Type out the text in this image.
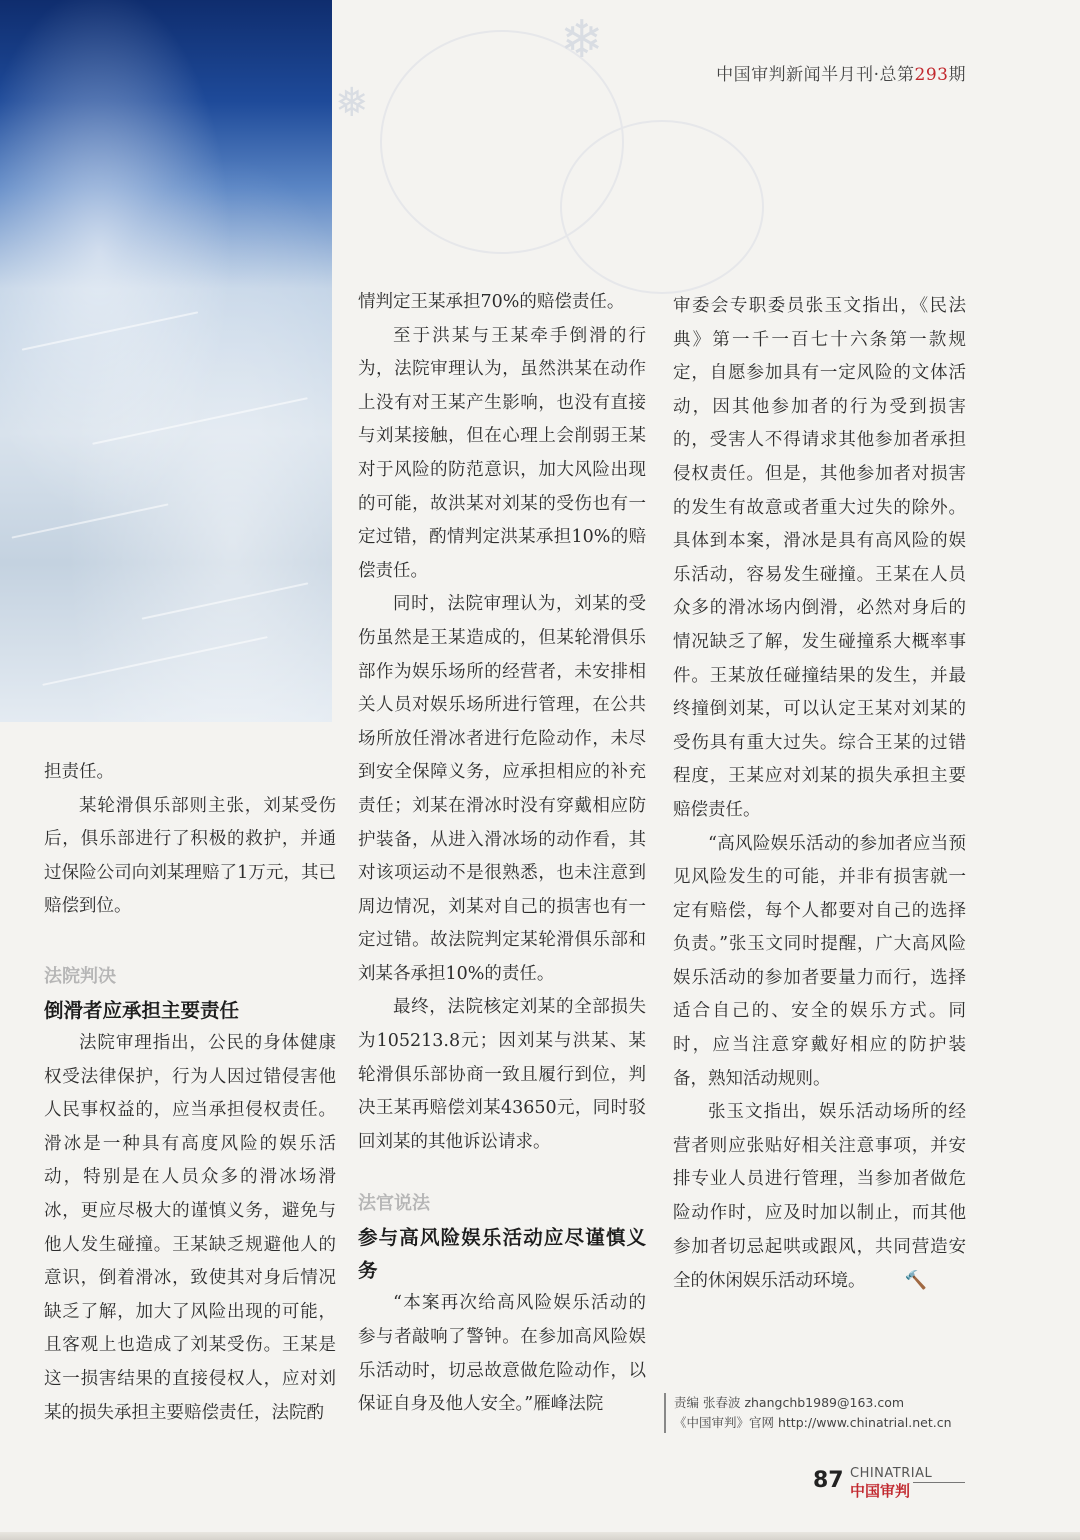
❄
❅
中国审判新闻半月刊·总第293期

担责任。

某轮滑俱乐部则主张，刘某受伤后，俱乐部进行了积极的救护，并通过保险公司向刘某理赔了1万元，其已赔偿到位。

法院判决

倒滑者应承担主要责任

法院审理指出，公民的身体健康权受法律保护，行为人因过错侵害他人民事权益的，应当承担侵权责任。滑冰是一种具有高度风险的娱乐活动，特别是在人员众多的滑冰场滑冰，更应尽极大的谨慎义务，避免与他人发生碰撞。王某缺乏规避他人的意识，倒着滑冰，致使其对身后情况缺乏了解，加大了风险出现的可能，且客观上也造成了刘某受伤。王某是这一损害结果的直接侵权人，应对刘某的损失承担主要赔偿责任，法院酌

情判定王某承担70%的赔偿责任。

至于洪某与王某牵手倒滑的行为，法院审理认为，虽然洪某在动作上没有对王某产生影响，也没有直接与刘某接触，但在心理上会削弱王某对于风险的防范意识，加大风险出现的可能，故洪某对刘某的受伤也有一定过错，酌情判定洪某承担10%的赔偿责任。

同时，法院审理认为，刘某的受伤虽然是王某造成的，但某轮滑俱乐部作为娱乐场所的经营者，未安排相关人员对娱乐场所进行管理，在公共场所放任滑冰者进行危险动作，未尽到安全保障义务，应承担相应的补充责任；刘某在滑冰时没有穿戴相应防护装备，从进入滑冰场的动作看，其对该项运动不是很熟悉，也未注意到周边情况，刘某对自己的损害也有一定过错。故法院判定某轮滑俱乐部和刘某各承担10%的责任。

最终，法院核定刘某的全部损失为105213.8元；因刘某与洪某、某轮滑俱乐部协商一致且履行到位，判决王某再赔偿刘某43650元，同时驳回刘某的其他诉讼请求。

法官说法

参与高风险娱乐活动应尽谨慎义务

“本案再次给高风险娱乐活动的参与者敲响了警钟。在参加高风险娱乐活动时，切忌故意做危险动作，以保证自身及他人安全。”雁峰法院

审委会专职委员张玉文指出，《民法典》第一千一百七十六条第一款规定，自愿参加具有一定风险的文体活动，因其他参加者的行为受到损害的，受害人不得请求其他参加者承担侵权责任。但是，其他参加者对损害的发生有故意或者重大过失的除外。具体到本案，滑冰是具有高风险的娱乐活动，容易发生碰撞。王某在人员众多的滑冰场内倒滑，必然对身后的情况缺乏了解，发生碰撞系大概率事件。王某放任碰撞结果的发生，并最终撞倒刘某，可以认定王某对刘某的受伤具有重大过失。综合王某的过错程度，王某应对刘某的损失承担主要赔偿责任。

“高风险娱乐活动的参加者应当预见风险发生的可能，并非有损害就一定有赔偿，每个人都要对自己的选择负责。”张玉文同时提醒，广大高风险娱乐活动的参加者要量力而行，选择适合自己的、安全的娱乐方式。同时，应当注意穿戴好相应的防护装备，熟知活动规则。

张玉文指出，娱乐活动场所的经营者则应张贴好相关注意事项，并安排专业人员进行管理，当参加者做危险动作时，应及时加以制止，而其他参加者切忌起哄或跟风，共同营造安全的休闲娱乐活动环境。 🔨

责编 张春波 zhangchb1989@163.com
《中国审判》官网 http://www.chinatrial.net.cn
87 CHINATRIAL
中国审判
